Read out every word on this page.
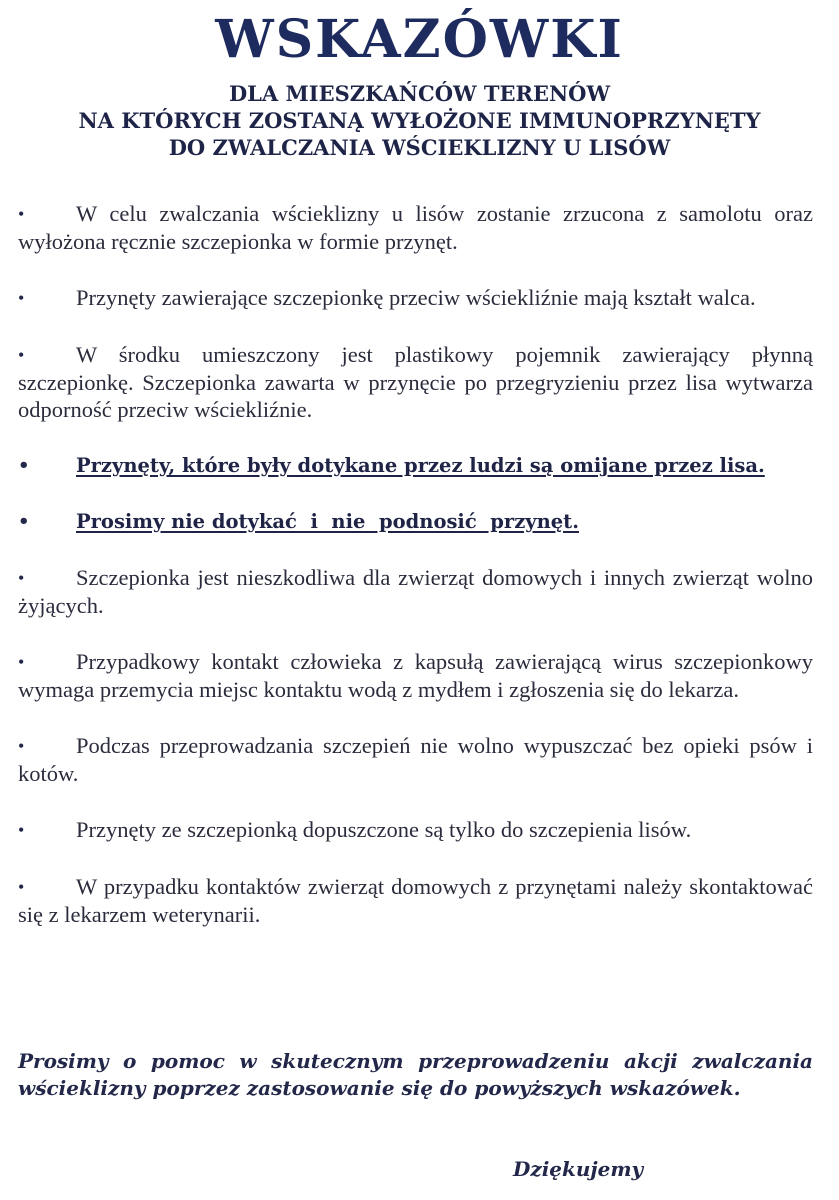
WSKAZÓWKI
DLA MIESZKAŃCÓW TERENÓW
NA KTÓRYCH ZOSTANĄ WYŁOŻONE IMMUNOPRZYNĘTY
DO ZWALCZANIA WŚCIEKLIZNY U LISÓW

• W celu zwalczania wścieklizny u lisów zostanie zrzucona z samolotu oraz wyłożona ręcznie szczepionka w formie przynęt.

• Przynęty zawierające szczepionkę przeciw wściekliźnie mają kształt walca.

• W środku umieszczony jest plastikowy pojemnik zawierający płynną szczepionkę. Szczepionka zawarta w przynęcie po przegryzieniu przez lisa wytwarza odporność przeciw wściekliźnie.

• Przynęty, które były dotykane przez ludzi są omijane przez lisa.

• Prosimy nie dotykać  i  nie  podnosić  przynęt.

• Szczepionka jest nieszkodliwa dla zwierząt domowych i innych zwierząt wolno żyjących.

• Przypadkowy kontakt człowieka z kapsułą zawierającą wirus szczepionkowy wymaga przemycia miejsc kontaktu wodą z mydłem i zgłoszenia się do lekarza.

• Podczas przeprowadzania szczepień nie wolno wypuszczać bez opieki psów i kotów.

• Przynęty ze szczepionką dopuszczone są tylko do szczepienia lisów.

• W przypadku kontaktów zwierząt domowych z przynętami należy skontaktować się z lekarzem weterynarii.

Prosimy o pomoc w skutecznym przeprowadzeniu akcji zwalczania wścieklizny poprzez zastosowanie się do powyższych wskazówek.
Dziękujemy
